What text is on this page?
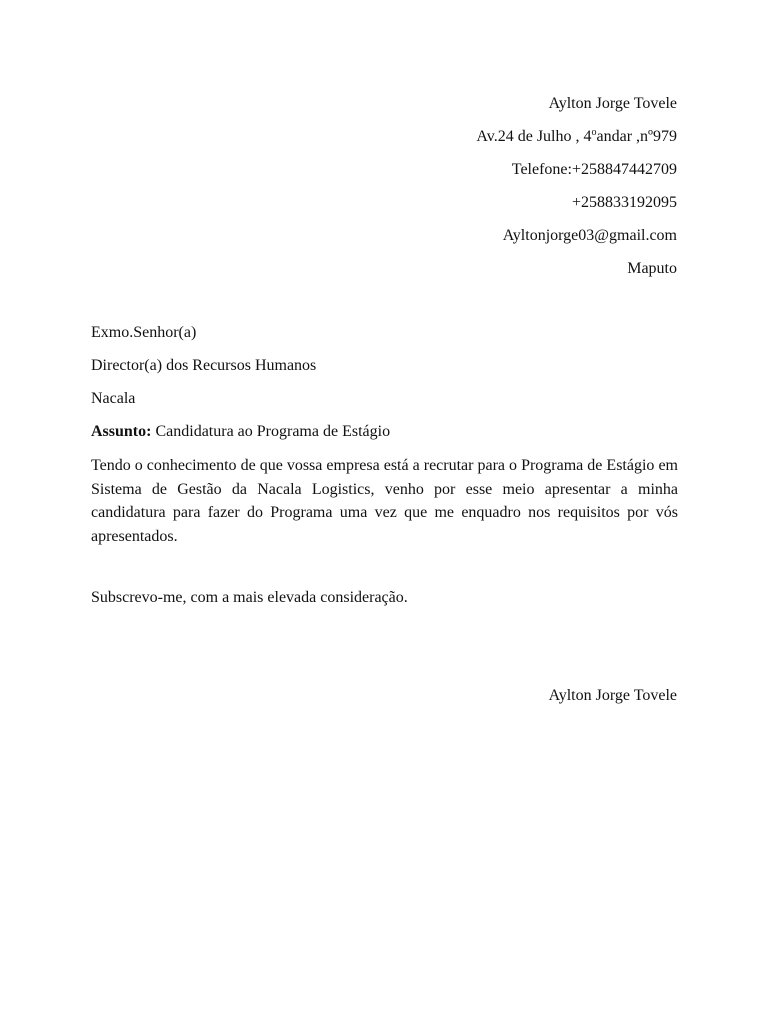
Aylton Jorge Tovele
Av.24 de Julho , 4$^o$andar ,nº979
Telefone:+258847442709
+258833192095
Ayltonjorge03@gmail.com
Maputo
Exmo.Senhor(a)
Director(a) dos Recursos Humanos
Nacala
Assunto: Candidatura ao Programa de Estágio
Tendo o conhecimento de que vossa empresa está a recrutar para o Programa de Estágio em Sistema de Gestão da Nacala Logistics, venho por esse meio apresentar a minha candidatura para fazer do Programa uma vez que me enquadro nos requisitos por vós apresentados.
Subscrevo-me, com a mais elevada consideração.
Aylton Jorge Tovele
